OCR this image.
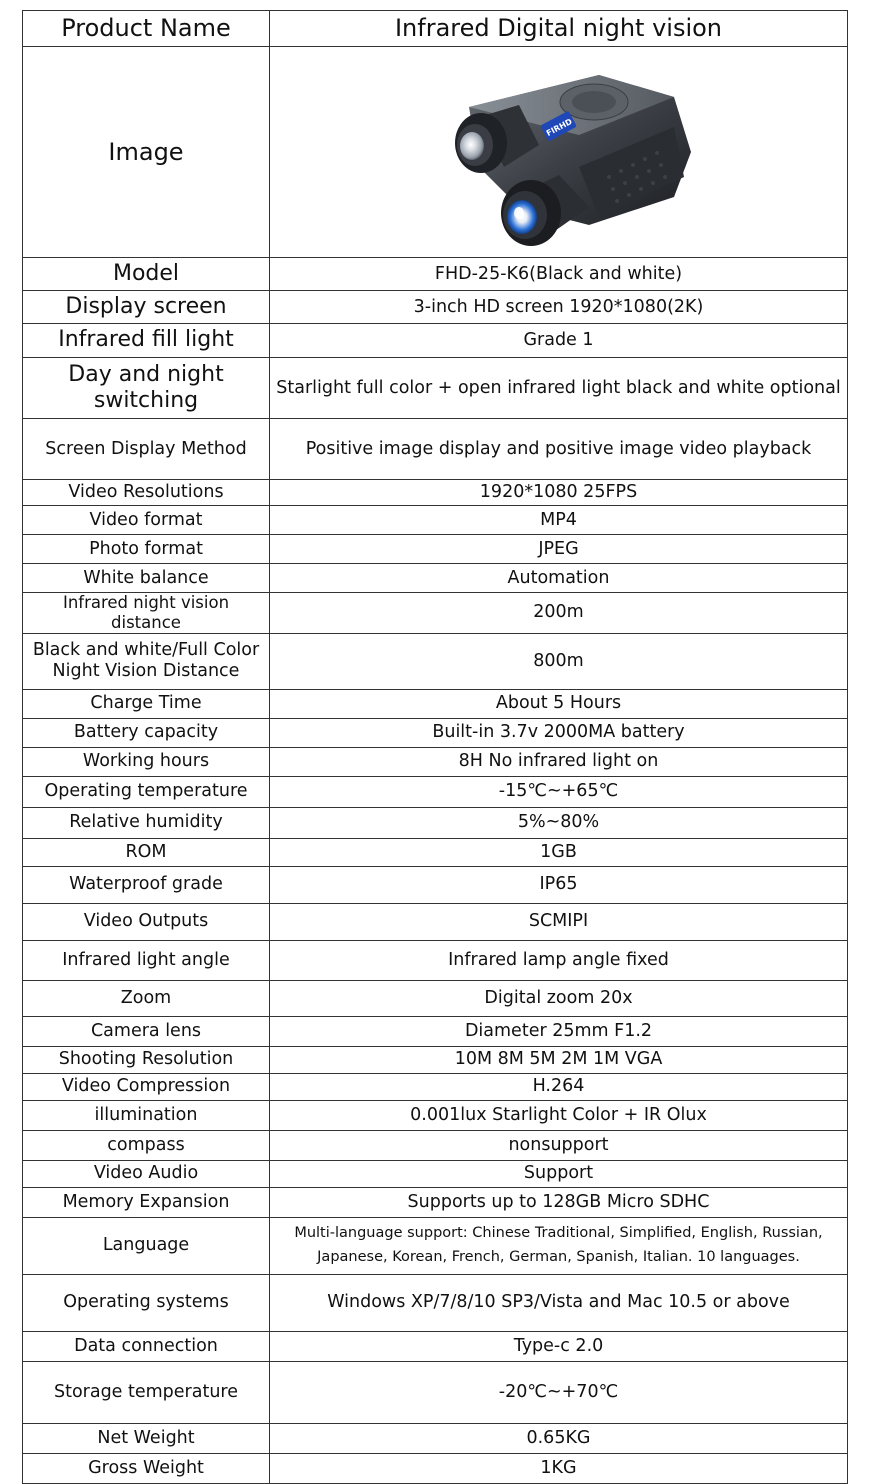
Product Name	Infrared Digital night vision
Image	FIRHD

Model	FHD-25-K6(Black and white)
Display screen	3-inch HD screen 1920*1080(2K)
Infrared fill light	Grade 1
Day and night switching	Starlight full color + open infrared light black and white optional
Screen Display Method	Positive image display and positive image video playback
Video Resolutions	1920*1080 25FPS
Video format	MP4
Photo format	JPEG
White balance	Automation
Infrared night vision distance	200m
Black and white/Full Color Night Vision Distance	800m
Charge Time	About 5 Hours
Battery capacity	Built-in 3.7v 2000MA battery
Working hours	8H No infrared light on
Operating temperature	-15℃~+65℃
Relative humidity	5%~80%
ROM	1GB
Waterproof grade	IP65
Video Outputs	SCMIPI
Infrared light angle	Infrared lamp angle fixed
Zoom	Digital zoom 20x
Camera lens	Diameter 25mm F1.2
Shooting Resolution	10M 8M 5M 2M 1M VGA
Video Compression	H.264
illumination	0.001lux Starlight Color + IR Olux
compass	nonsupport
Video Audio	Support
Memory Expansion	Supports up to 128GB Micro SDHC
Language	Multi-language support: Chinese Traditional, Simplified, English, Russian, Japanese, Korean, French, German, Spanish, Italian. 10 languages.
Operating systems	Windows XP/7/8/10 SP3/Vista and Mac 10.5 or above
Data connection	Type-c 2.0
Storage temperature	-20℃~+70℃
Net Weight	0.65KG
Gross Weight	1KG
